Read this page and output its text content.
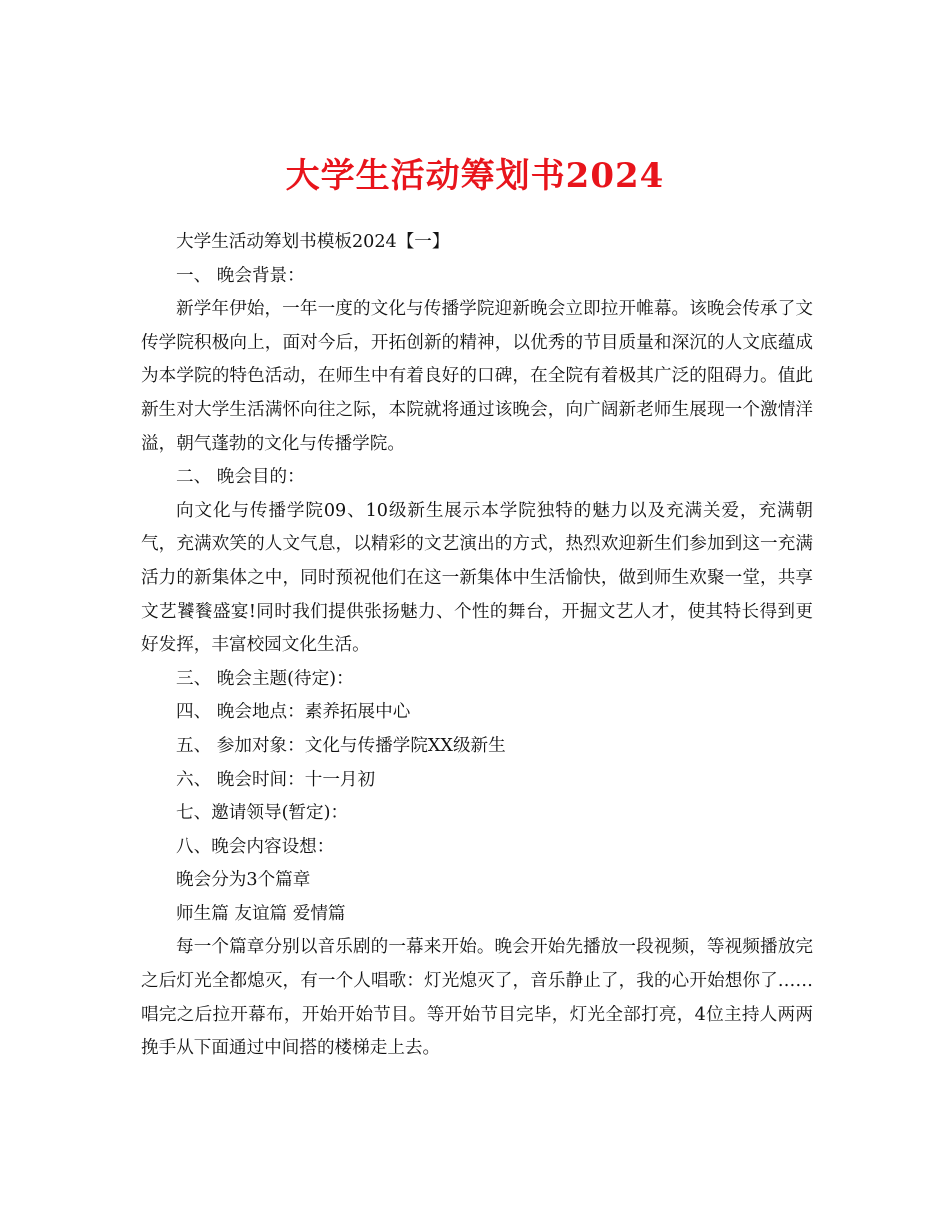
大学生活动筹划书2024

大学生活动筹划书模板2024【一】

一、 晚会背景：

新学年伊始，一年一度的文化与传播学院迎新晚会立即拉开帷幕。该晚会传承了文传学院积极向上，面对今后，开拓创新的精神，以优秀的节目质量和深沉的人文底蕴成为本学院的特色活动，在师生中有着良好的口碑，在全院有着极其广泛的阻碍力。值此新生对大学生活满怀向往之际，本院就将通过该晚会，向广阔新老师生展现一个激情洋溢，朝气蓬勃的文化与传播学院。

二、 晚会目的：

向文化与传播学院09、10级新生展示本学院独特的魅力以及充满关爱，充满朝气，充满欢笑的人文气息，以精彩的文艺演出的方式，热烈欢迎新生们参加到这一充满活力的新集体之中，同时预祝他们在这一新集体中生活愉快，做到师生欢聚一堂，共享文艺饕餮盛宴!同时我们提供张扬魅力、个性的舞台，开掘文艺人才，使其特长得到更好发挥，丰富校园文化生活。

三、 晚会主题(待定)：

四、 晚会地点：素养拓展中心

五、 参加对象：文化与传播学院XX级新生

六、 晚会时间：十一月初

七、邀请领导(暂定)：

八、晚会内容设想：

晚会分为3个篇章

师生篇 友谊篇 爱情篇

每一个篇章分别以音乐剧的一幕来开始。晚会开始先播放一段视频，等视频播放完之后灯光全都熄灭，有一个人唱歌：灯光熄灭了，音乐静止了，我的心开始想你了……唱完之后拉开幕布，开始开始节目。等开始节目完毕，灯光全部打亮，4位主持人两两挽手从下面通过中间搭的楼梯走上去。
